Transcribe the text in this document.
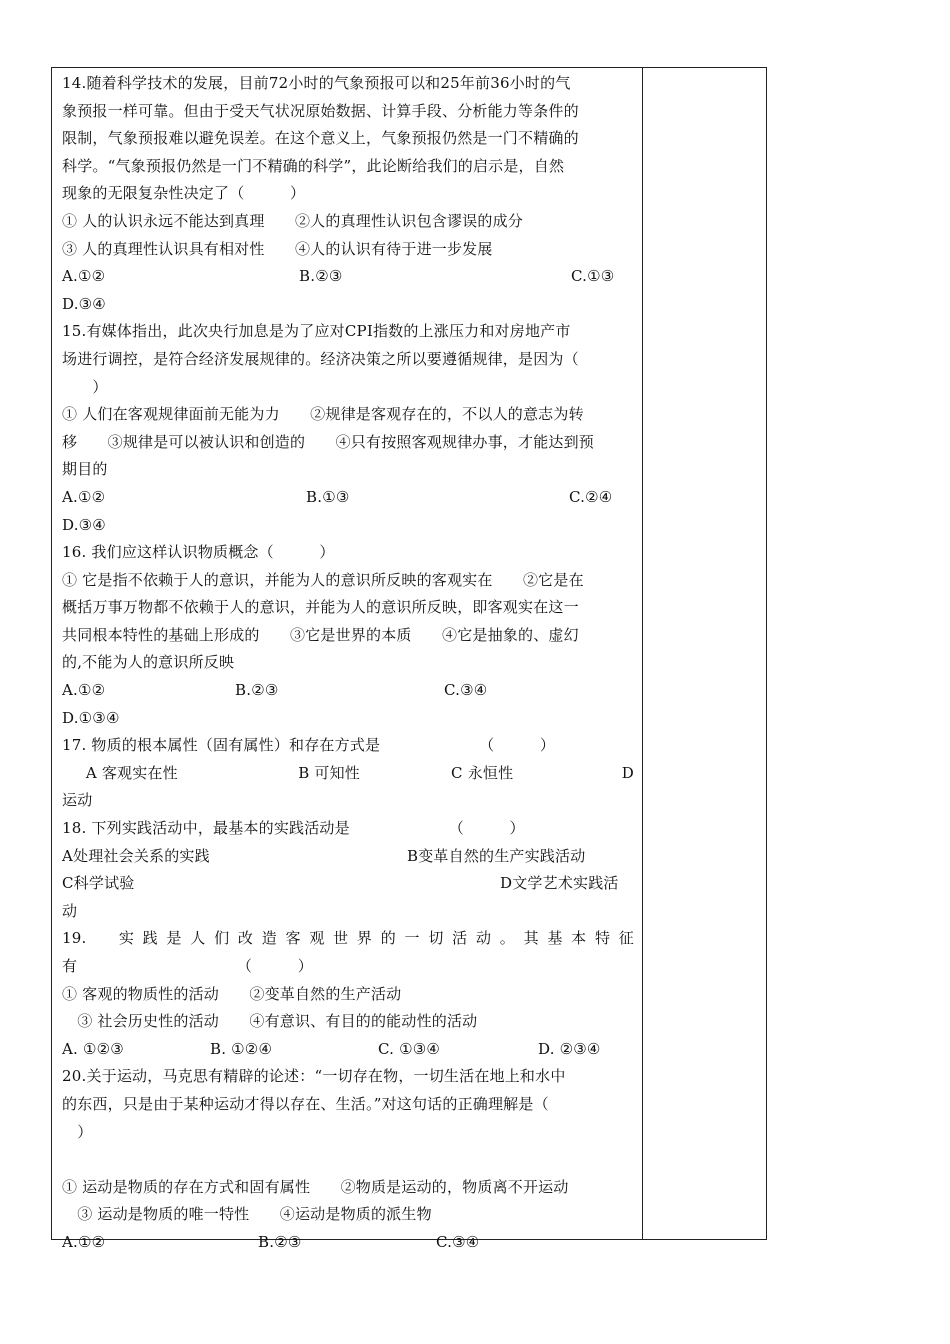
14.随着科学技术的发展，目前72小时的气象预报可以和25年前36小时的气

象预报一样可靠。但由于受天气状况原始数据、计算手段、分析能力等条件的

限制，气象预报难以避免误差。在这个意义上，气象预报仍然是一门不精确的

科学。“气象预报仍然是一门不精确的科学”，此论断给我们的启示是，自然

现象的无限复杂性决定了（　　　）

① 人的认识永远不能达到真理　　②人的真理性认识包含谬误的成分

③ 人的真理性认识具有相对性　　④人的认识有待于进一步发展

A.①②	B.②③	C.①③

D.③④

15.有媒体指出，此次央行加息是为了应对CPI指数的上涨压力和对房地产市

场进行调控，是符合经济发展规律的。经济决策之所以要遵循规律，是因为（

　　）

① 人们在客观规律面前无能为力　　②规律是客观存在的，不以人的意志为转

移　　③规律是可以被认识和创造的　　④只有按照客观规律办事，才能达到预

期目的

A.①②	B.①③	C.②④

D.③④

16. 我们应这样认识物质概念（　　　）

① 它是指不依赖于人的意识，并能为人的意识所反映的客观实在　　②它是在

概括万事万物都不依赖于人的意识，并能为人的意识所反映，即客观实在这一

共同根本特性的基础上形成的　　③它是世界的本质　　④它是抽象的、虚幻

的,不能为人的意识所反映

A.①②	B.②③	C.③④

D.①③④

17. 物质的根本属性（固有属性）和存在方式是　　　　　　　（　　　）

A 客观实在性	B 可知性	C 永恒性	D

运动

18. 下列实践活动中，最基本的实践活动是　　　　　　　（　　　）

A处理社会关系的实践	B变革自然的生产实践活动
C科学试验	D文学艺术实践活

动

19.　实践是人们改造客观世界的一切活动。其基本特征

有　　　　　　　　　　　（　　　）

① 客观的物质性的活动　　②变革自然的生产活动

　③ 社会历史性的活动　　④有意识、有目的的能动性的活动

A. ①②③	B. ①②④	C. ①③④	D. ②③④

20.关于运动，马克思有精辟的论述：“一切存在物，一切生活在地上和水中

的东西，只是由于某种运动才得以存在、生活。”对这句话的正确理解是（

　）

① 运动是物质的存在方式和固有属性　　②物质是运动的，物质离不开运动

　③ 运动是物质的唯一特性　　④运动是物质的派生物

A.①②	B.②③	C.③④
